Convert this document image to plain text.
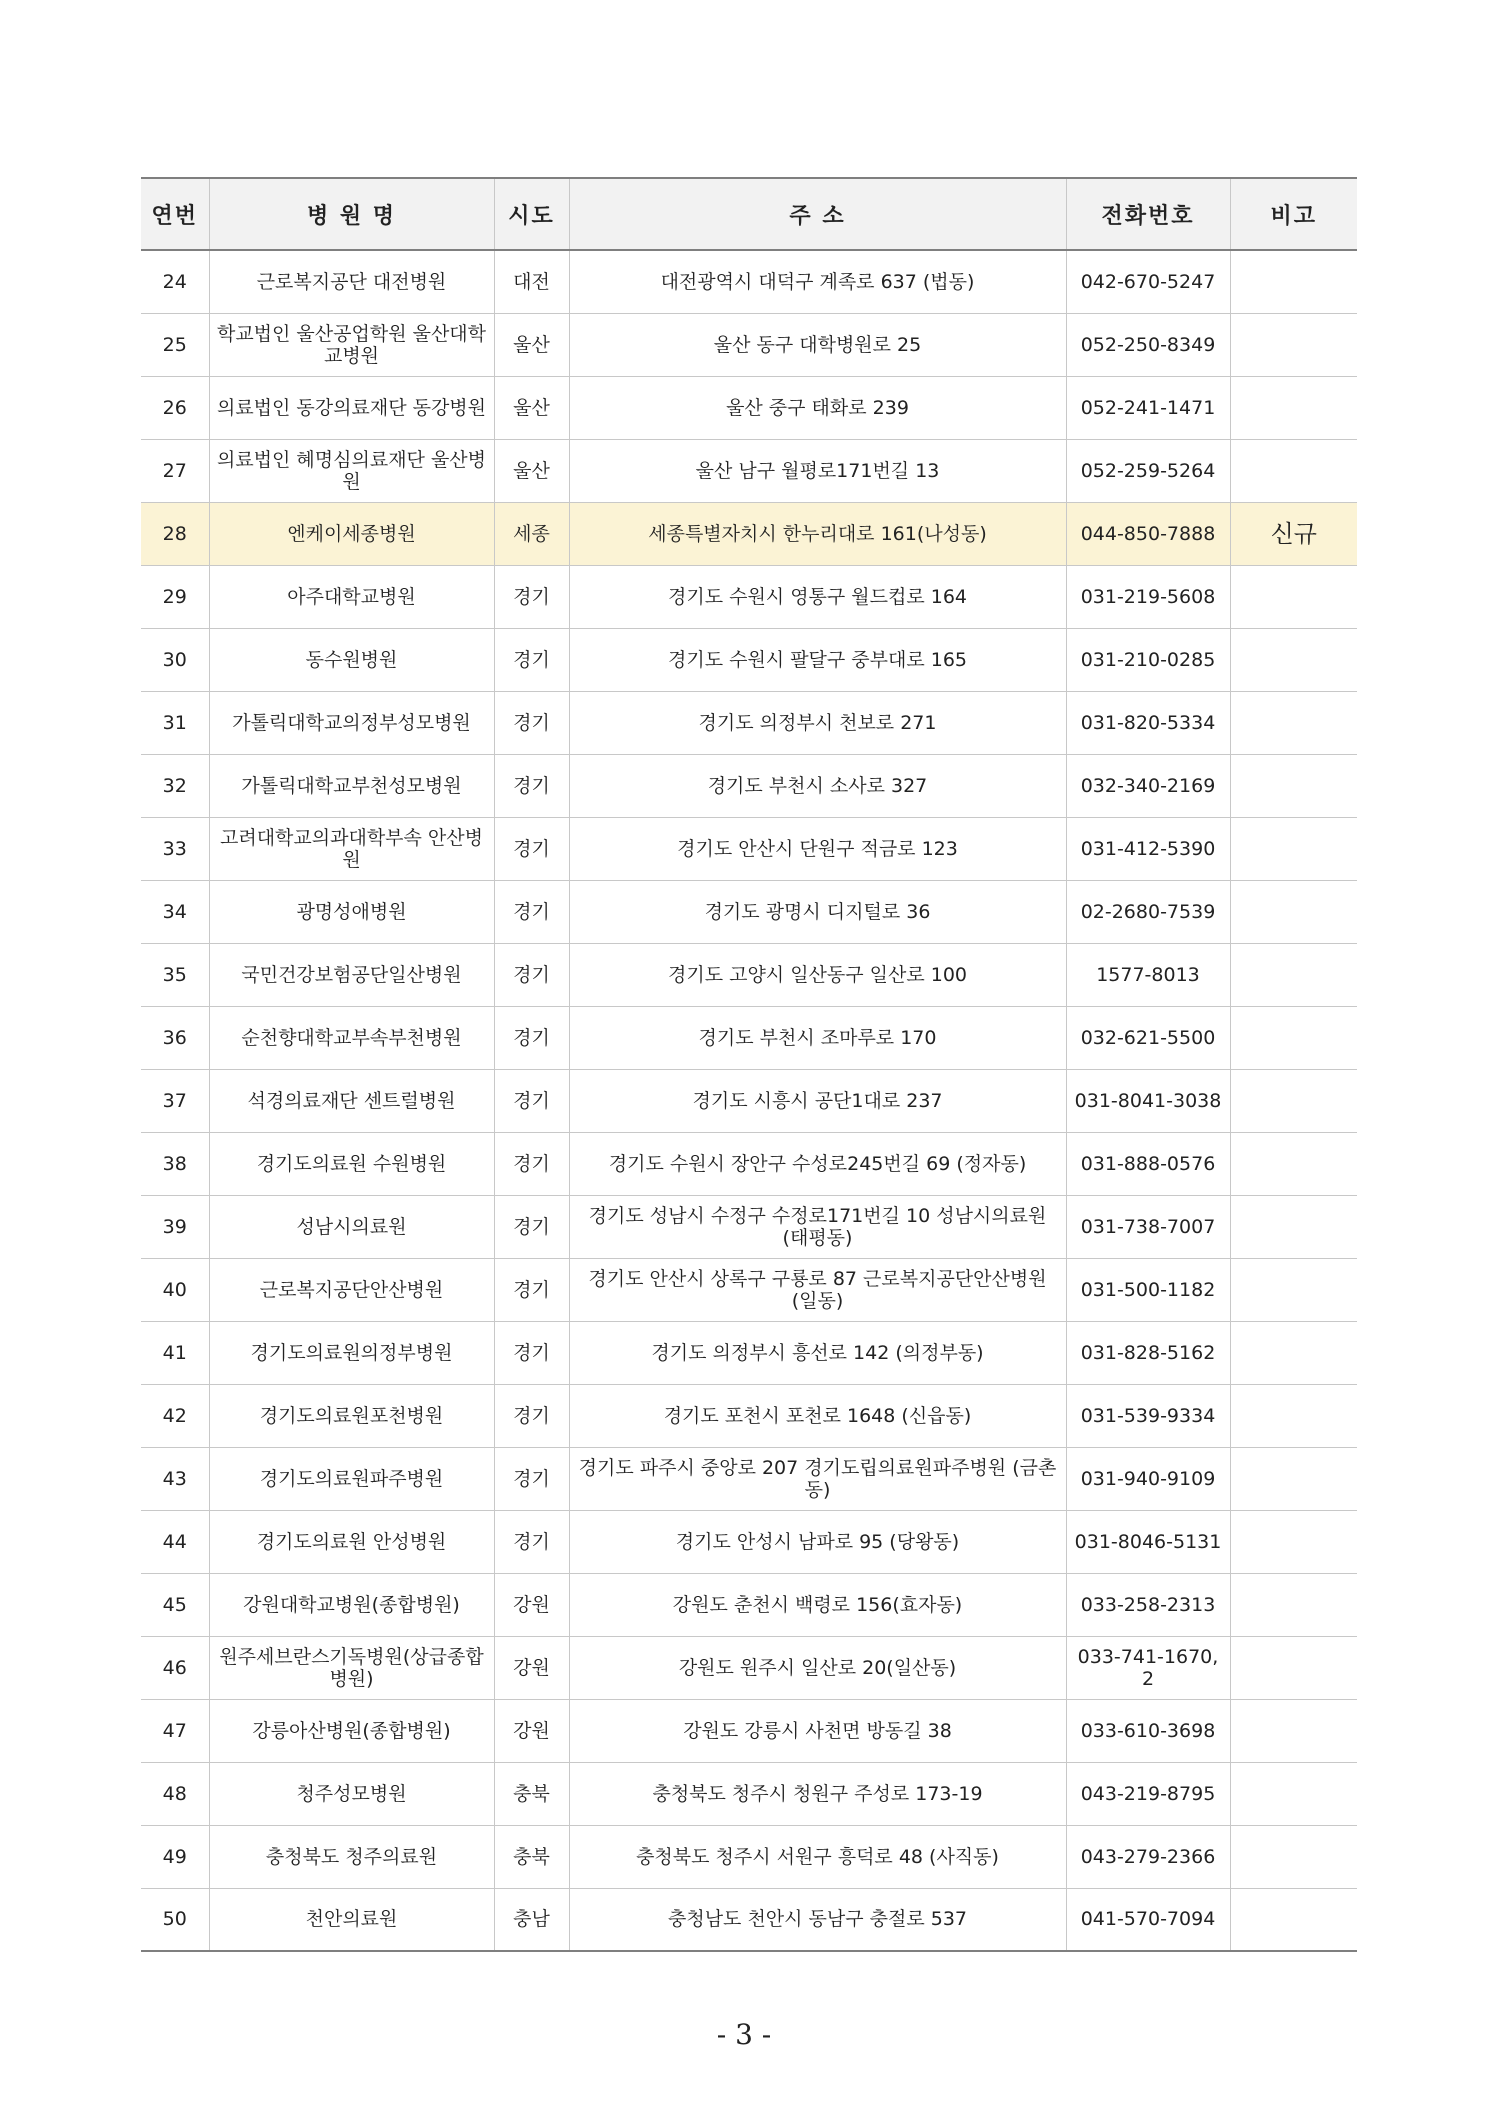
연번	병 원 명	시도	주 소	전화번호	비고
24	근로복지공단 대전병원	대전	대전광역시 대덕구 계족로 637 (법동)	042-670-5247	
25	학교법인 울산공업학원 울산대학교병원	울산	울산 동구 대학병원로 25	052-250-8349	
26	의료법인 동강의료재단 동강병원	울산	울산 중구 태화로 239	052-241-1471	
27	의료법인 혜명심의료재단 울산병원	울산	울산 남구 월평로171번길 13	052-259-5264	
28	엔케이세종병원	세종	세종특별자치시 한누리대로 161(나성동)	044-850-7888	신규
29	아주대학교병원	경기	경기도 수원시 영통구 월드컵로 164	031-219-5608	
30	동수원병원	경기	경기도 수원시 팔달구 중부대로 165	031-210-0285	
31	가톨릭대학교의정부성모병원	경기	경기도 의정부시 천보로 271	031-820-5334	
32	가톨릭대학교부천성모병원	경기	경기도 부천시 소사로 327	032-340-2169	
33	고려대학교의과대학부속 안산병원	경기	경기도 안산시 단원구 적금로 123	031-412-5390	
34	광명성애병원	경기	경기도 광명시 디지털로 36	02-2680-7539	
35	국민건강보험공단일산병원	경기	경기도 고양시 일산동구 일산로 100	1577-8013	
36	순천향대학교부속부천병원	경기	경기도 부천시 조마루로 170	032-621-5500	
37	석경의료재단 센트럴병원	경기	경기도 시흥시 공단1대로 237	031-8041-3038	
38	경기도의료원 수원병원	경기	경기도 수원시 장안구 수성로245번길 69 (정자동)	031-888-0576	
39	성남시의료원	경기	경기도 성남시 수정구 수정로171번길 10 성남시의료원 (태평동)	031-738-7007	
40	근로복지공단안산병원	경기	경기도 안산시 상록구 구룡로 87 근로복지공단안산병원 (일동)	031-500-1182	
41	경기도의료원의정부병원	경기	경기도 의정부시 흥선로 142 (의정부동)	031-828-5162	
42	경기도의료원포천병원	경기	경기도 포천시 포천로 1648 (신읍동)	031-539-9334	
43	경기도의료원파주병원	경기	경기도 파주시 중앙로 207 경기도립의료원파주병원 (금촌동)	031-940-9109	
44	경기도의료원 안성병원	경기	경기도 안성시 남파로 95 (당왕동)	031-8046-5131	
45	강원대학교병원(종합병원)	강원	강원도 춘천시 백령로 156(효자동)	033-258-2313	
46	원주세브란스기독병원(상급종합병원)	강원	강원도 원주시 일산로 20(일산동)	033-741-1670, 2	
47	강릉아산병원(종합병원)	강원	강원도 강릉시 사천면 방동길 38	033-610-3698	
48	청주성모병원	충북	충청북도 청주시 청원구 주성로 173-19	043-219-8795	
49	충청북도 청주의료원	충북	충청북도 청주시 서원구 흥덕로 48 (사직동)	043-279-2366	
50	천안의료원	충남	충청남도 천안시 동남구 충절로 537	041-570-7094	
- 3 -
